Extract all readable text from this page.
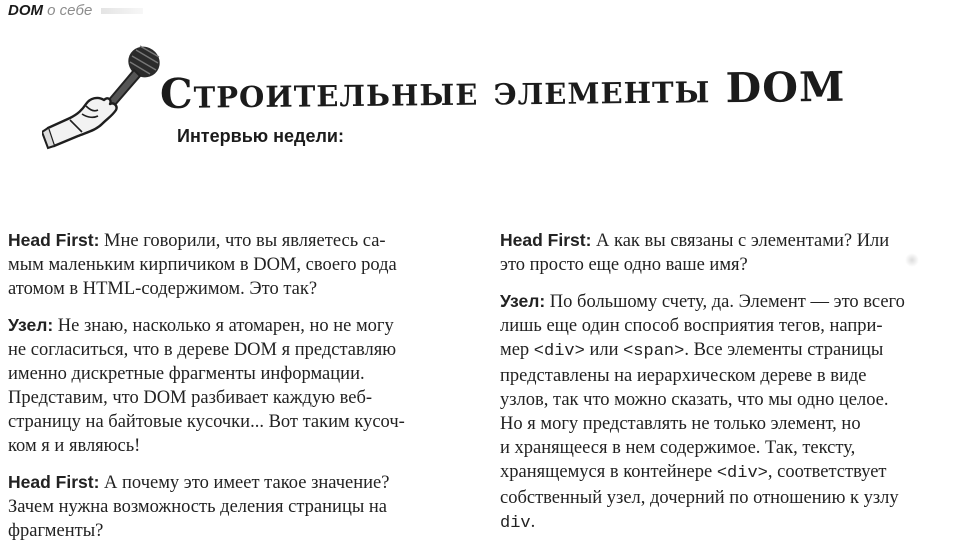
DOM о себе
Строительные элементы DOM
Интервью недели:

Head First: Мне говорили, что вы являетесь са-
мым маленьким кирпичиком в DOM, своего рода
атомом в HTML-содержимом. Это так?

Узел: Не знаю, насколько я атомарен, но не могу
не согласиться, что в дереве DOM я представляю
именно дискретные фрагменты информации.
Представим, что DOM разбивает каждую веб-
страницу на байтовые кусочки... Вот таким кусоч-
ком я и являюсь!

Head First: А почему это имеет такое значение?
Зачем нужна возможность деления страницы на
фрагменты?

Head First: А как вы связаны с элементами? Или
это просто еще одно ваше имя?

Узел: По большому счету, да. Элемент — это всего
лишь еще один способ восприятия тегов, напри-
мер <div> или <span>. Все элементы страницы
представлены на иерархическом дереве в виде
узлов, так что можно сказать, что мы одно целое.
Но я могу представлять не только элемент, но
и хранящееся в нем содержимое. Так, тексту,
хранящемуся в контейнере <div>, соответствует
собственный узел, дочерний по отношению к узлу
div.
